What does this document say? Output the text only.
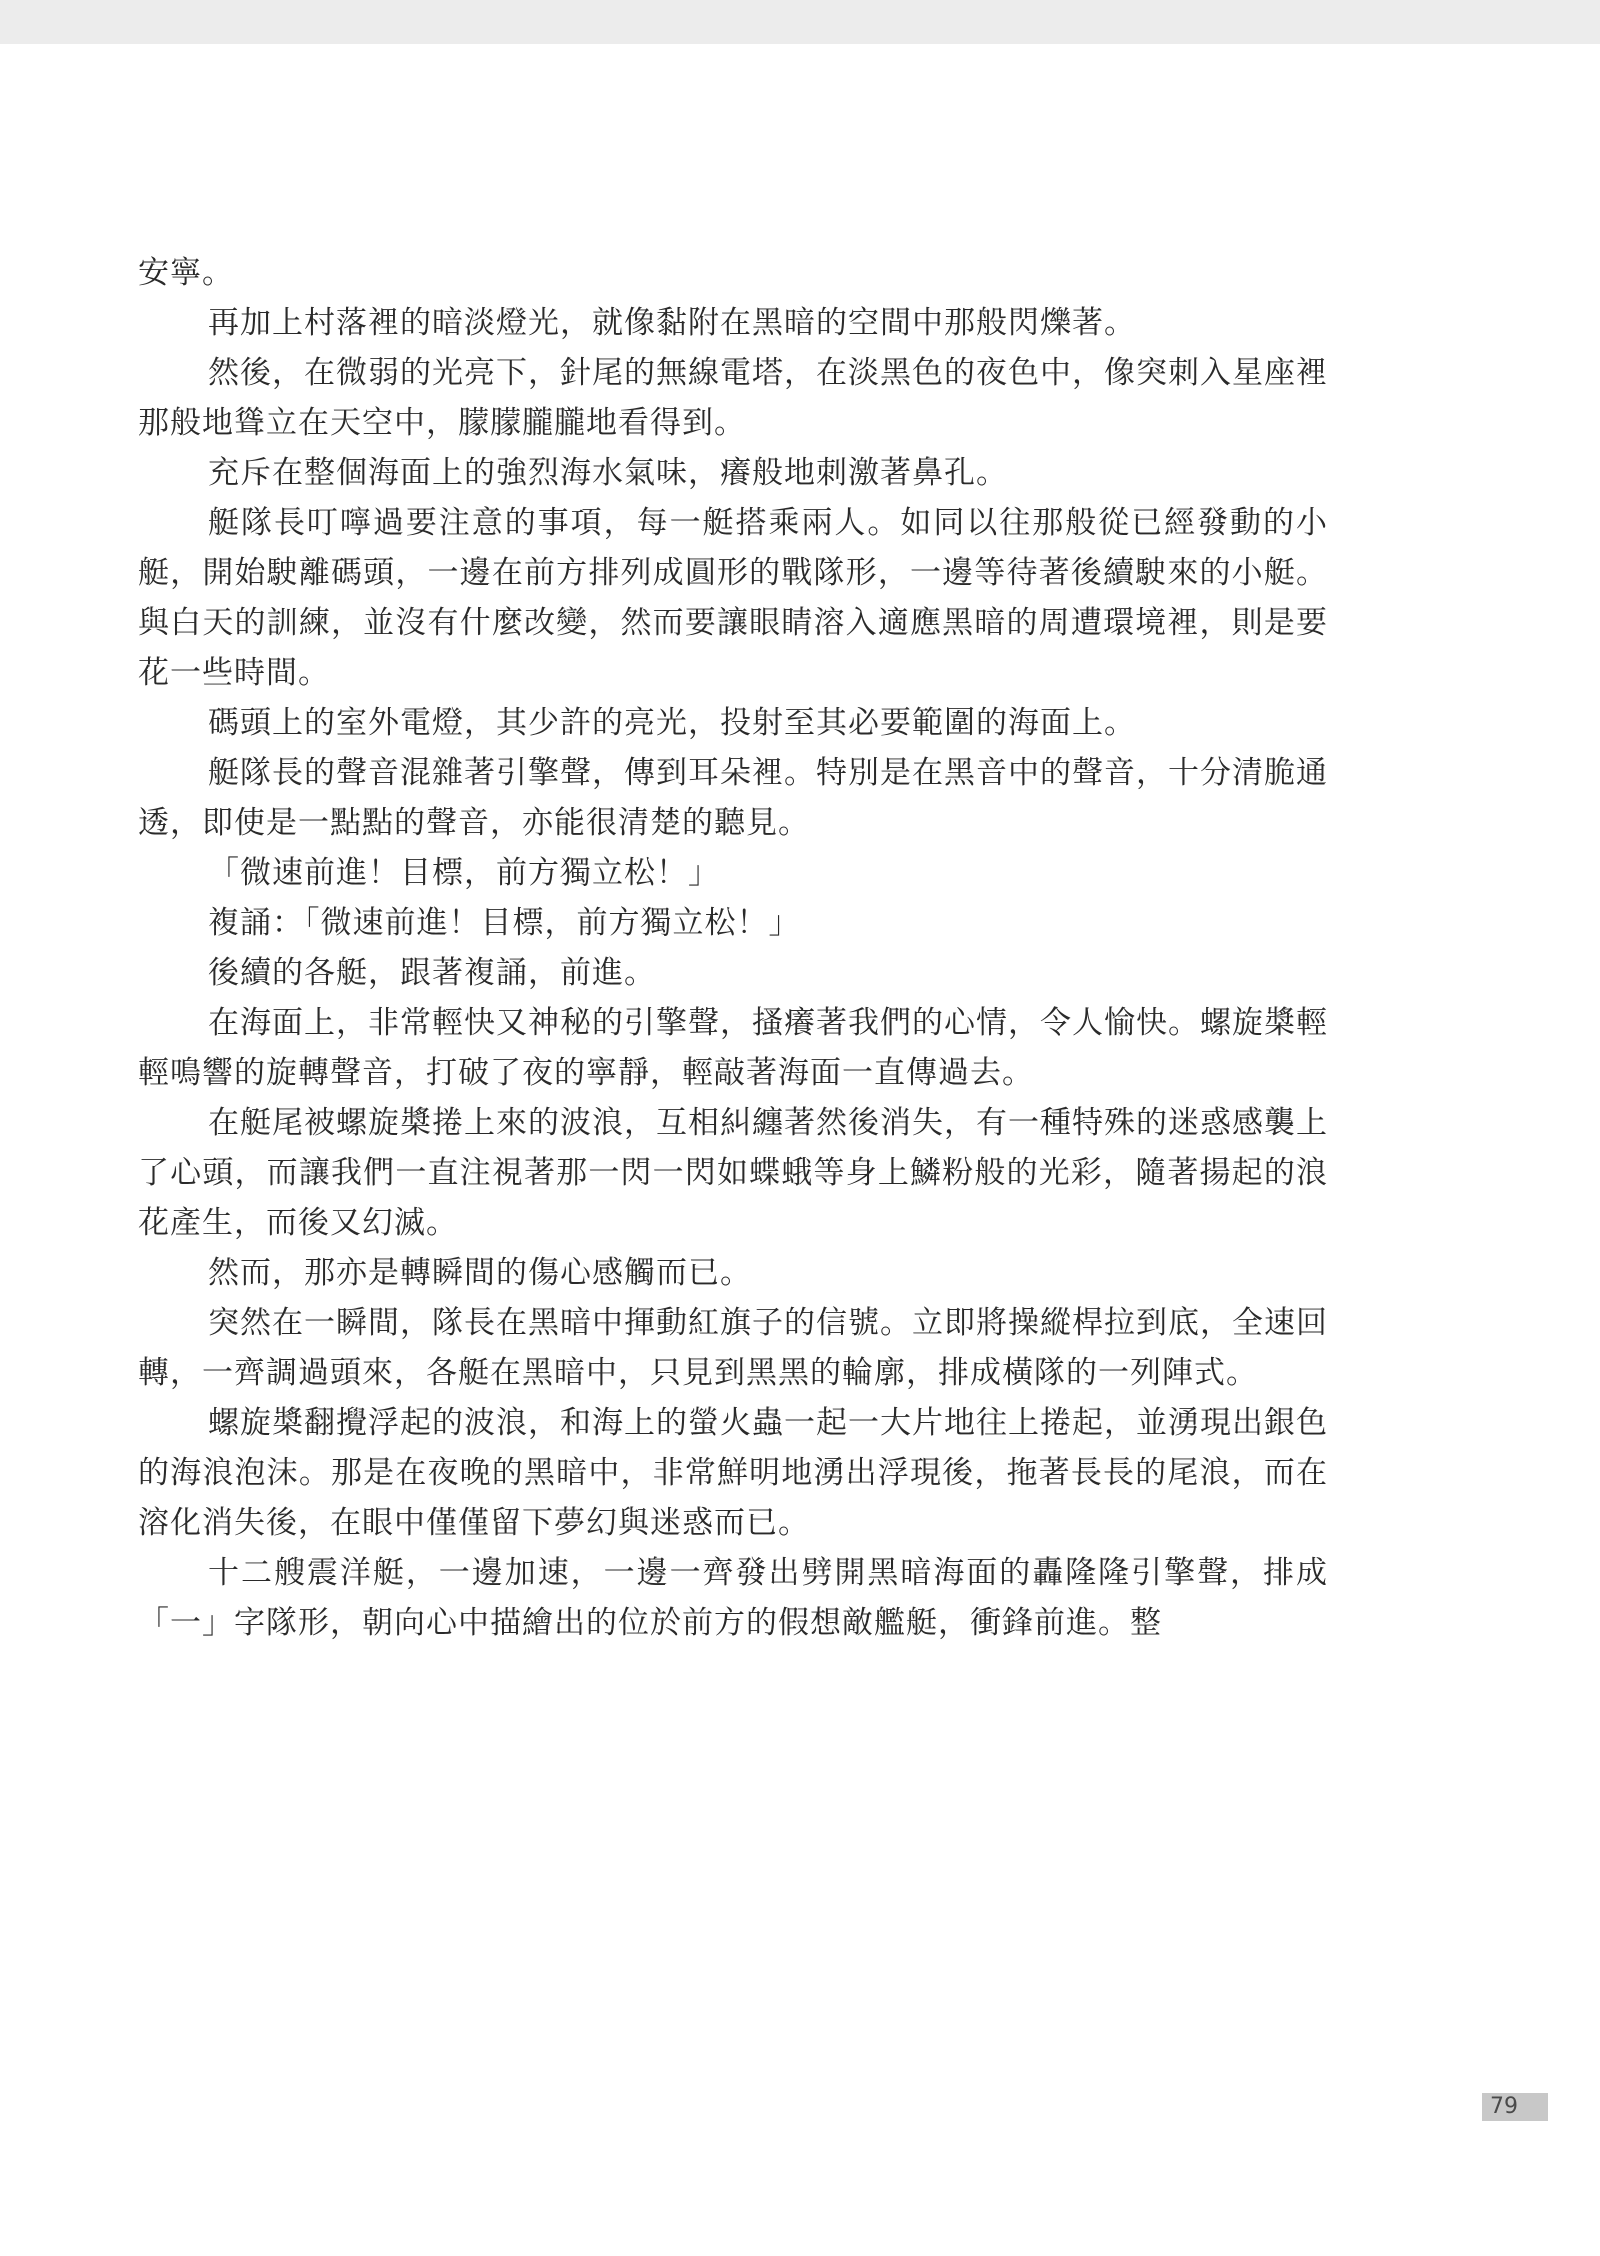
安寧。

再加上村落裡的暗淡燈光，就像黏附在黑暗的空間中那般閃爍著。

然後，在微弱的光亮下，針尾的無線電塔，在淡黑色的夜色中，像突刺入星座裡那般地聳立在天空中，朦朦朧朧地看得到。

充斥在整個海面上的強烈海水氣味，癢般地刺激著鼻孔。

艇隊長叮嚀過要注意的事項，每一艇搭乘兩人。如同以往那般從已經發動的小艇，開始駛離碼頭，一邊在前方排列成圓形的戰隊形，一邊等待著後續駛來的小艇。與白天的訓練，並沒有什麼改變，然而要讓眼睛溶入適應黑暗的周遭環境裡，則是要花一些時間。

碼頭上的室外電燈，其少許的亮光，投射至其必要範圍的海面上。

艇隊長的聲音混雜著引擎聲，傳到耳朵裡。特別是在黑音中的聲音，十分清脆通透，即使是一點點的聲音，亦能很清楚的聽見。

「微速前進！目標，前方獨立松！」

複誦：「微速前進！目標，前方獨立松！」

後續的各艇，跟著複誦，前進。

在海面上，非常輕快又神秘的引擎聲，搔癢著我們的心情，令人愉快。螺旋槳輕輕鳴響的旋轉聲音，打破了夜的寧靜，輕敲著海面一直傳過去。

在艇尾被螺旋槳捲上來的波浪，互相糾纏著然後消失，有一種特殊的迷惑感襲上了心頭，而讓我們一直注視著那一閃一閃如蝶蛾等身上鱗粉般的光彩，隨著揚起的浪花產生，而後又幻滅。

然而，那亦是轉瞬間的傷心感觸而已。

突然在一瞬間，隊長在黑暗中揮動紅旗子的信號。立即將操縱桿拉到底，全速回轉，一齊調過頭來，各艇在黑暗中，只見到黑黑的輪廓，排成橫隊的一列陣式。

螺旋槳翻攪浮起的波浪，和海上的螢火蟲一起一大片地往上捲起，並湧現出銀色的海浪泡沫。那是在夜晚的黑暗中，非常鮮明地湧出浮現後，拖著長長的尾浪，而在溶化消失後，在眼中僅僅留下夢幻與迷惑而已。

十二艘震洋艇，一邊加速，一邊一齊發出劈開黑暗海面的轟隆隆引擎聲，排成「一」字隊形，朝向心中描繪出的位於前方的假想敵艦艇，衝鋒前進。整

79
